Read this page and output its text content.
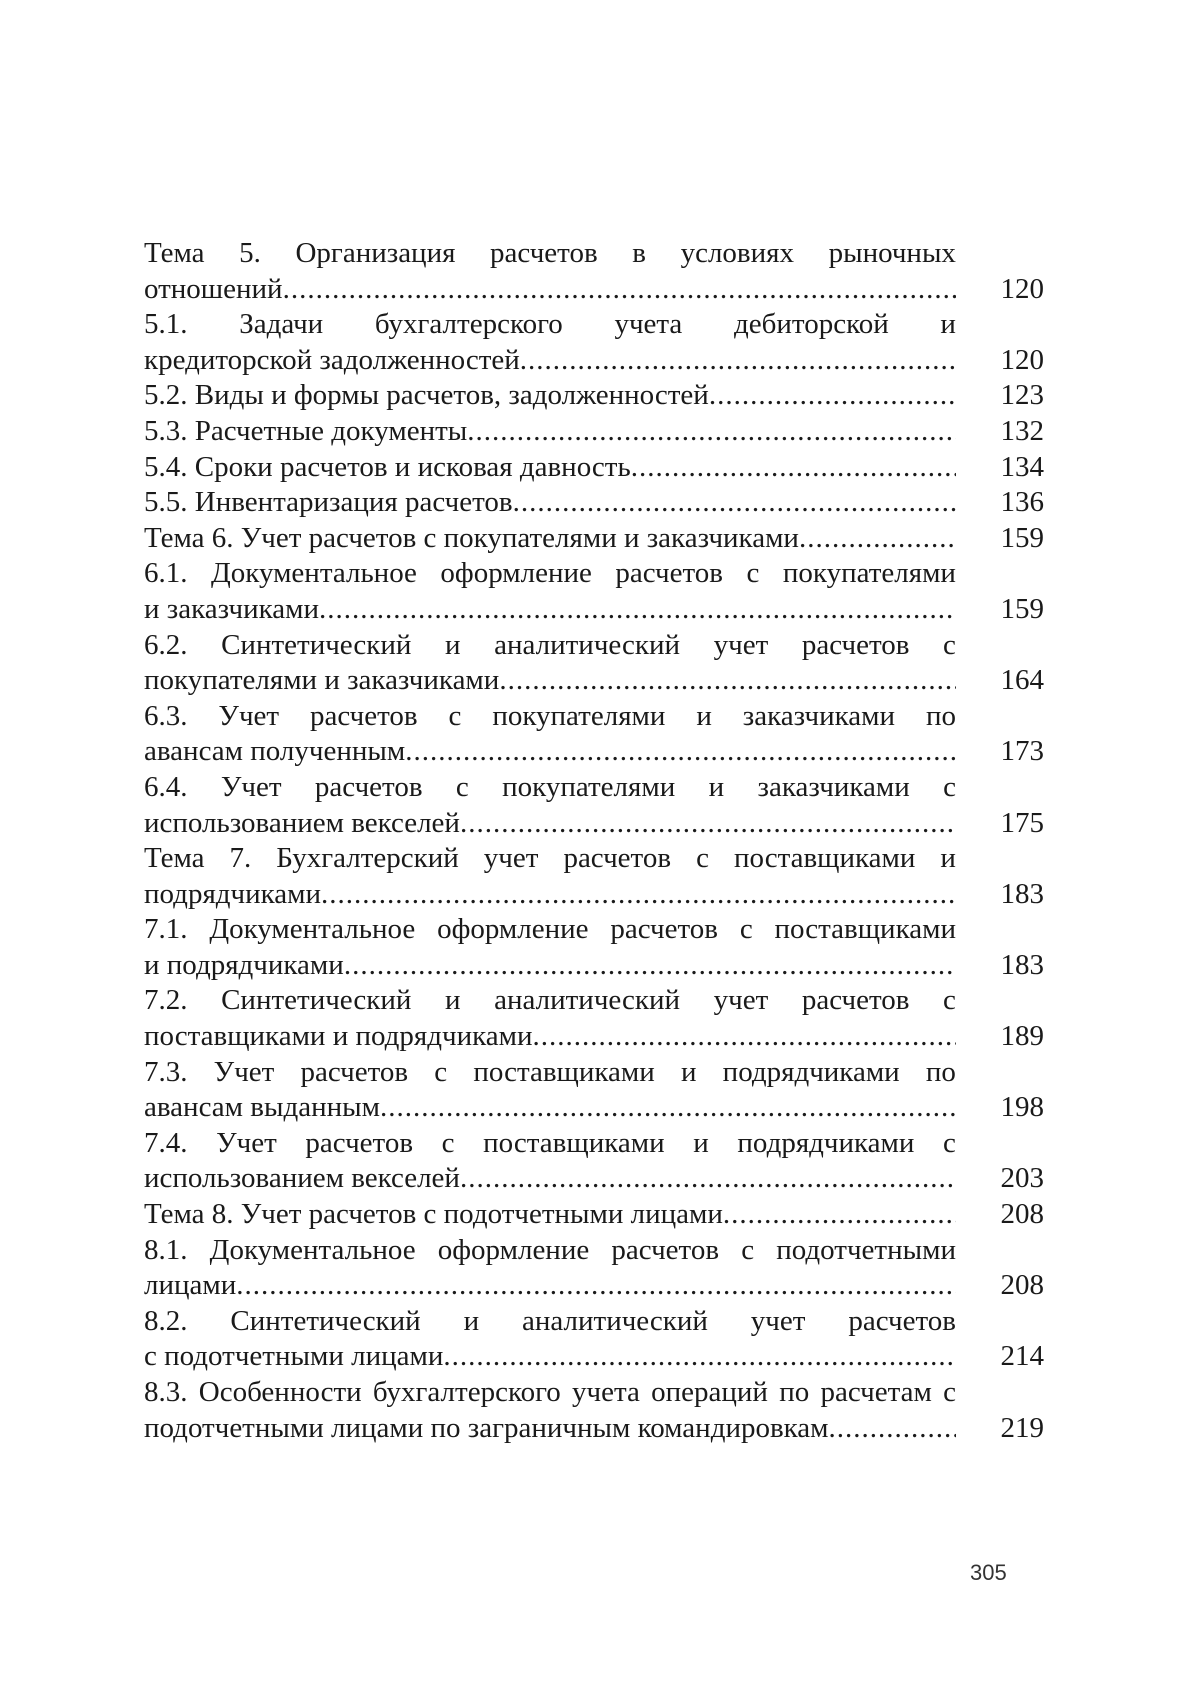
Тема 5. Организация расчетов в условиях рыночных
отношений .....	120
5.1. Задачи бухгалтерского учета дебиторской и
кредиторской задолженностей .....	120
5.2. Виды и формы расчетов, задолженностей .....	123
5.3. Расчетные документы .....	132
5.4. Сроки расчетов и исковая давность .....	134
5.5. Инвентаризация расчетов .....	136
Тема 6. Учет расчетов с покупателями и заказчиками .....	159
6.1. Документальное оформление расчетов с покупателями
и заказчиками .....	159
6.2. Синтетический и аналитический учет расчетов с
покупателями и заказчиками .....	164
6.3. Учет расчетов с покупателями и заказчиками по
авансам полученным .....	173
6.4. Учет расчетов с покупателями и заказчиками с
использованием векселей .....	175
Тема 7. Бухгалтерский учет расчетов с поставщиками и
подрядчиками .....	183
7.1. Документальное оформление расчетов с поставщиками
и подрядчиками .....	183
7.2. Синтетический и аналитический учет расчетов с
поставщиками и подрядчиками .....	189
7.3. Учет расчетов с поставщиками и подрядчиками по
авансам выданным .....	198
7.4. Учет расчетов с поставщиками и подрядчиками с
использованием векселей .....	203
Тема 8. Учет расчетов с подотчетными лицами .....	208
8.1. Документальное оформление расчетов с подотчетными
лицами .....	208
8.2. Синтетический и аналитический учет расчетов
с подотчетными лицами .....	214
8.3. Особенности бухгалтерского учета операций по расчетам с
подотчетными лицами по заграничным командировкам .....	219
305
